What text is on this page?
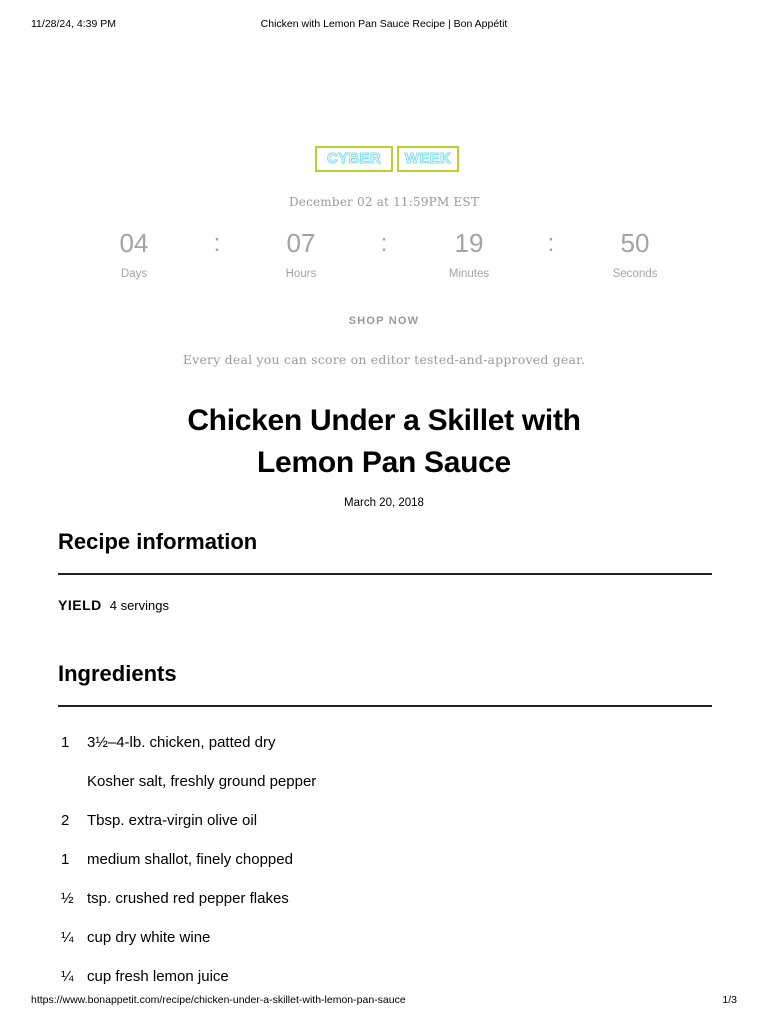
11/28/24, 4:39 PM	Chicken with Lemon Pan Sauce Recipe | Bon Appétit
CYBER	WEEK
December 02 at 11:59PM EST
04
Days
:	07
Hours
:	19
Minutes
:	50
Seconds
SHOP NOW
Every deal you can score on editor tested-and-approved gear.
Chicken Under a Skillet with
Lemon Pan Sauce
March 20, 2018
Recipe information
YIELD 4 servings
Ingredients
1	3½–4-lb. chicken, patted dry
Kosher salt, freshly ground pepper
2	Tbsp. extra-virgin olive oil
1	medium shallot, finely chopped
½ tsp. crushed red pepper flakes
¼ cup dry white wine
¼ cup fresh lemon juice
https://www.bonappetit.com/recipe/chicken-under-a-skillet-with-lemon-pan-sauce	1/3
